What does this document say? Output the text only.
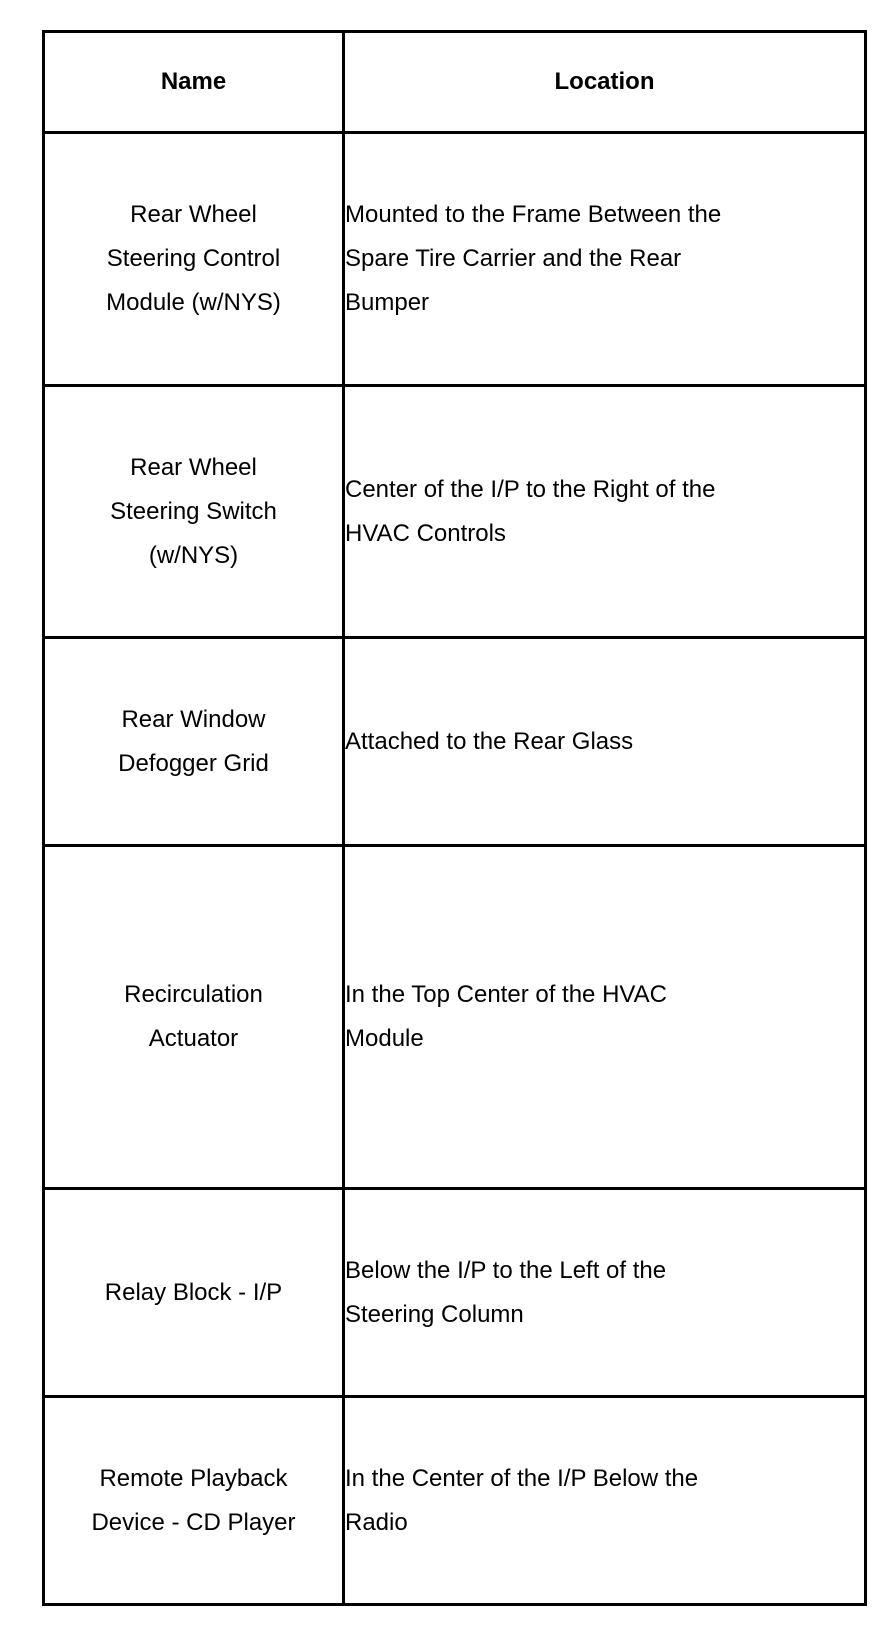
Name	Location
Rear Wheel
Steering Control
Module (w/NYS)	Mounted to the Frame Between the
Spare Tire Carrier and the Rear
Bumper

Rear Wheel
Steering Switch
(w/NYS)	Center of the I/P to the Right of the
HVAC Controls

Rear Window
Defogger Grid	Attached to the Rear Glass

Recirculation
Actuator	In the Top Center of the HVAC
Module

Relay Block - I/P	Below the I/P to the Left of the
Steering Column

Remote Playback
Device - CD Player	In the Center of the I/P Below the
Radio
